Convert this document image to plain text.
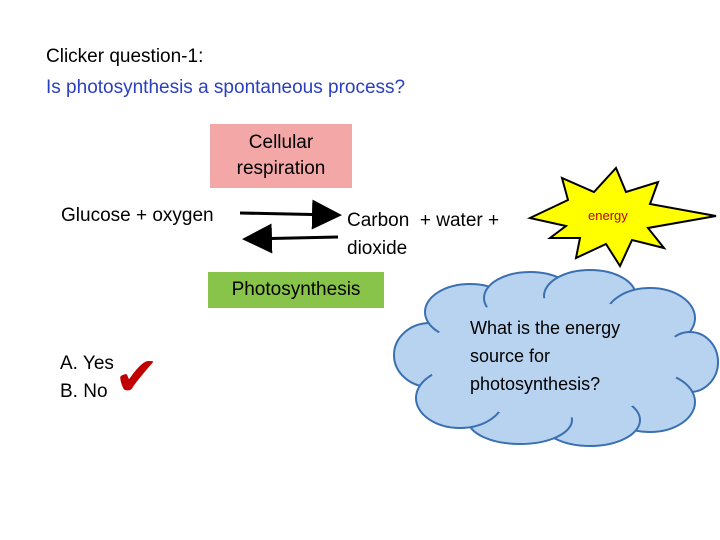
Clicker question-1:
Is photosynthesis a spontaneous process?
Cellular respiration
Photosynthesis
Glucose + oxygen	Carbon  + water +
dioxide
energy
A. Yes
B. No ✔
What is the energy source for photosynthesis?
